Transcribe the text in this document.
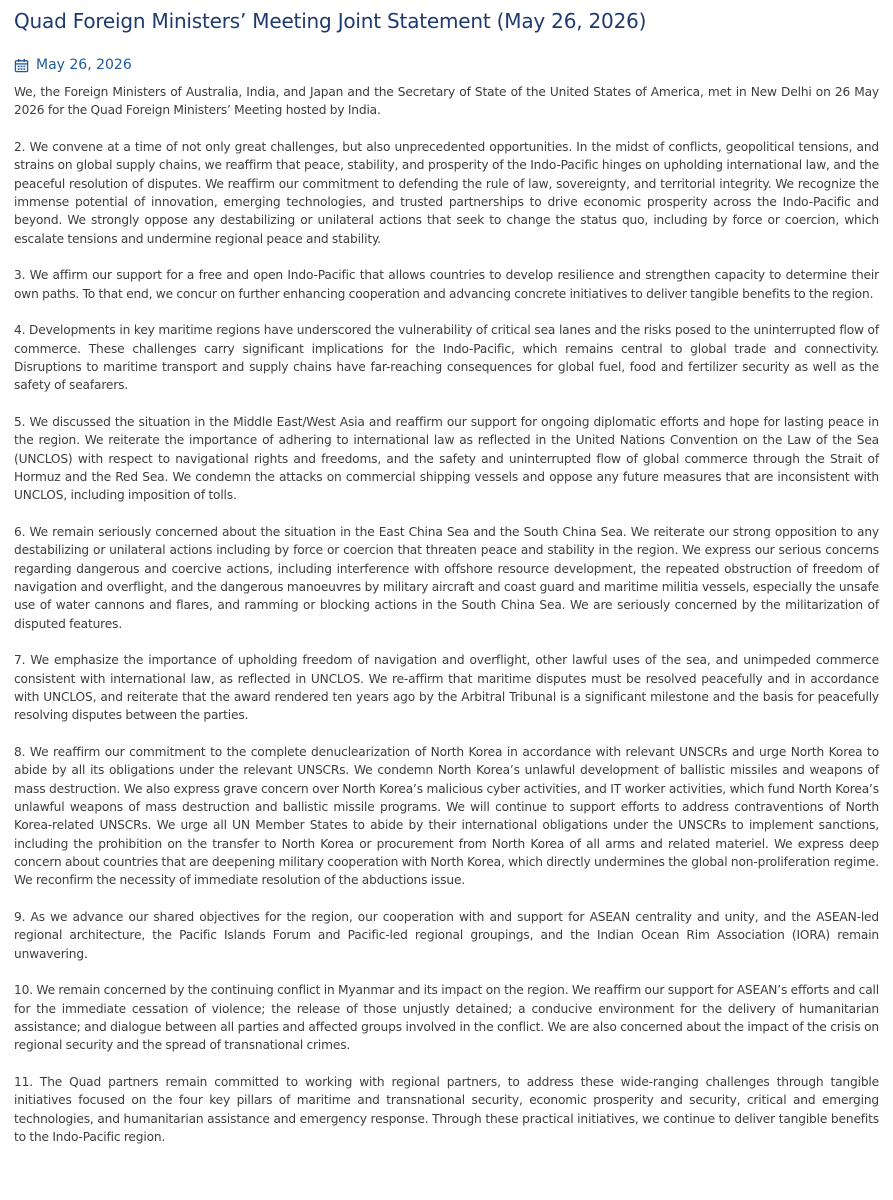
Quad Foreign Ministers’ Meeting Joint Statement (May 26, 2026)
May 26, 2026

We, the Foreign Ministers of Australia, India, and Japan and the Secretary of State of the United States of America, met in New Delhi on 26 May 2026 for the Quad Foreign Ministers’ Meeting hosted by India.

2. We convene at a time of not only great challenges, but also unprecedented opportunities. In the midst of conflicts, geopolitical tensions, and strains on global supply chains, we reaffirm that peace, stability, and prosperity of the Indo-Pacific hinges on upholding international law, and the peaceful resolution of disputes. We reaffirm our commitment to defending the rule of law, sovereignty, and territorial integrity. We recognize the immense potential of innovation, emerging technologies, and trusted partnerships to drive economic prosperity across the Indo-Pacific and beyond. We strongly oppose any destabilizing or unilateral actions that seek to change the status quo, including by force or coercion, which escalate tensions and undermine regional peace and stability.

3. We affirm our support for a free and open Indo-Pacific that allows countries to develop resilience and strengthen capacity to determine their own paths. To that end, we concur on further enhancing cooperation and advancing concrete initiatives to deliver tangible benefits to the region.

4. Developments in key maritime regions have underscored the vulnerability of critical sea lanes and the risks posed to the uninterrupted flow of commerce. These challenges carry significant implications for the Indo-Pacific, which remains central to global trade and connectivity. Disruptions to maritime transport and supply chains have far-reaching consequences for global fuel, food and fertilizer security as well as the safety of seafarers.

5. We discussed the situation in the Middle East/West Asia and reaffirm our support for ongoing diplomatic efforts and hope for lasting peace in the region. We reiterate the importance of adhering to international law as reflected in the United Nations Convention on the Law of the Sea (UNCLOS) with respect to navigational rights and freedoms, and the safety and uninterrupted flow of global commerce through the Strait of Hormuz and the Red Sea. We condemn the attacks on commercial shipping vessels and oppose any future measures that are inconsistent with UNCLOS, including imposition of tolls.

6. We remain seriously concerned about the situation in the East China Sea and the South China Sea. We reiterate our strong opposition to any destabilizing or unilateral actions including by force or coercion that threaten peace and stability in the region. We express our serious concerns regarding dangerous and coercive actions, including interference with offshore resource development, the repeated obstruction of freedom of navigation and overflight, and the dangerous manoeuvres by military aircraft and coast guard and maritime militia vessels, especially the unsafe use of water cannons and flares, and ramming or blocking actions in the South China Sea. We are seriously concerned by the militarization of disputed features.

7. We emphasize the importance of upholding freedom of navigation and overflight, other lawful uses of the sea, and unimpeded commerce consistent with international law, as reflected in UNCLOS. We re-affirm that maritime disputes must be resolved peacefully and in accordance with UNCLOS, and reiterate that the award rendered ten years ago by the Arbitral Tribunal is a significant milestone and the basis for peacefully resolving disputes between the parties.

8. We reaffirm our commitment to the complete denuclearization of North Korea in accordance with relevant UNSCRs and urge North Korea to abide by all its obligations under the relevant UNSCRs. We condemn North Korea’s unlawful development of ballistic missiles and weapons of mass destruction. We also express grave concern over North Korea’s malicious cyber activities, and IT worker activities, which fund North Korea’s unlawful weapons of mass destruction and ballistic missile programs. We will continue to support efforts to address contraventions of North Korea-related UNSCRs. We urge all UN Member States to abide by their international obligations under the UNSCRs to implement sanctions, including the prohibition on the transfer to North Korea or procurement from North Korea of all arms and related materiel. We express deep concern about countries that are deepening military cooperation with North Korea, which directly undermines the global non-proliferation regime. We reconfirm the necessity of immediate resolution of the abductions issue.

9. As we advance our shared objectives for the region, our cooperation with and support for ASEAN centrality and unity, and the ASEAN-led regional architecture, the Pacific Islands Forum and Pacific-led regional groupings, and the Indian Ocean Rim Association (IORA) remain unwavering.

10. We remain concerned by the continuing conflict in Myanmar and its impact on the region. We reaffirm our support for ASEAN’s efforts and call for the immediate cessation of violence; the release of those unjustly detained; a conducive environment for the delivery of humanitarian assistance; and dialogue between all parties and affected groups involved in the conflict. We are also concerned about the impact of the crisis on regional security and the spread of transnational crimes.

11. The Quad partners remain committed to working with regional partners, to address these wide-ranging challenges through tangible initiatives focused on the four key pillars of maritime and transnational security, economic prosperity and security, critical and emerging technologies, and humanitarian assistance and emergency response. Through these practical initiatives, we continue to deliver tangible benefits to the Indo-Pacific region.
